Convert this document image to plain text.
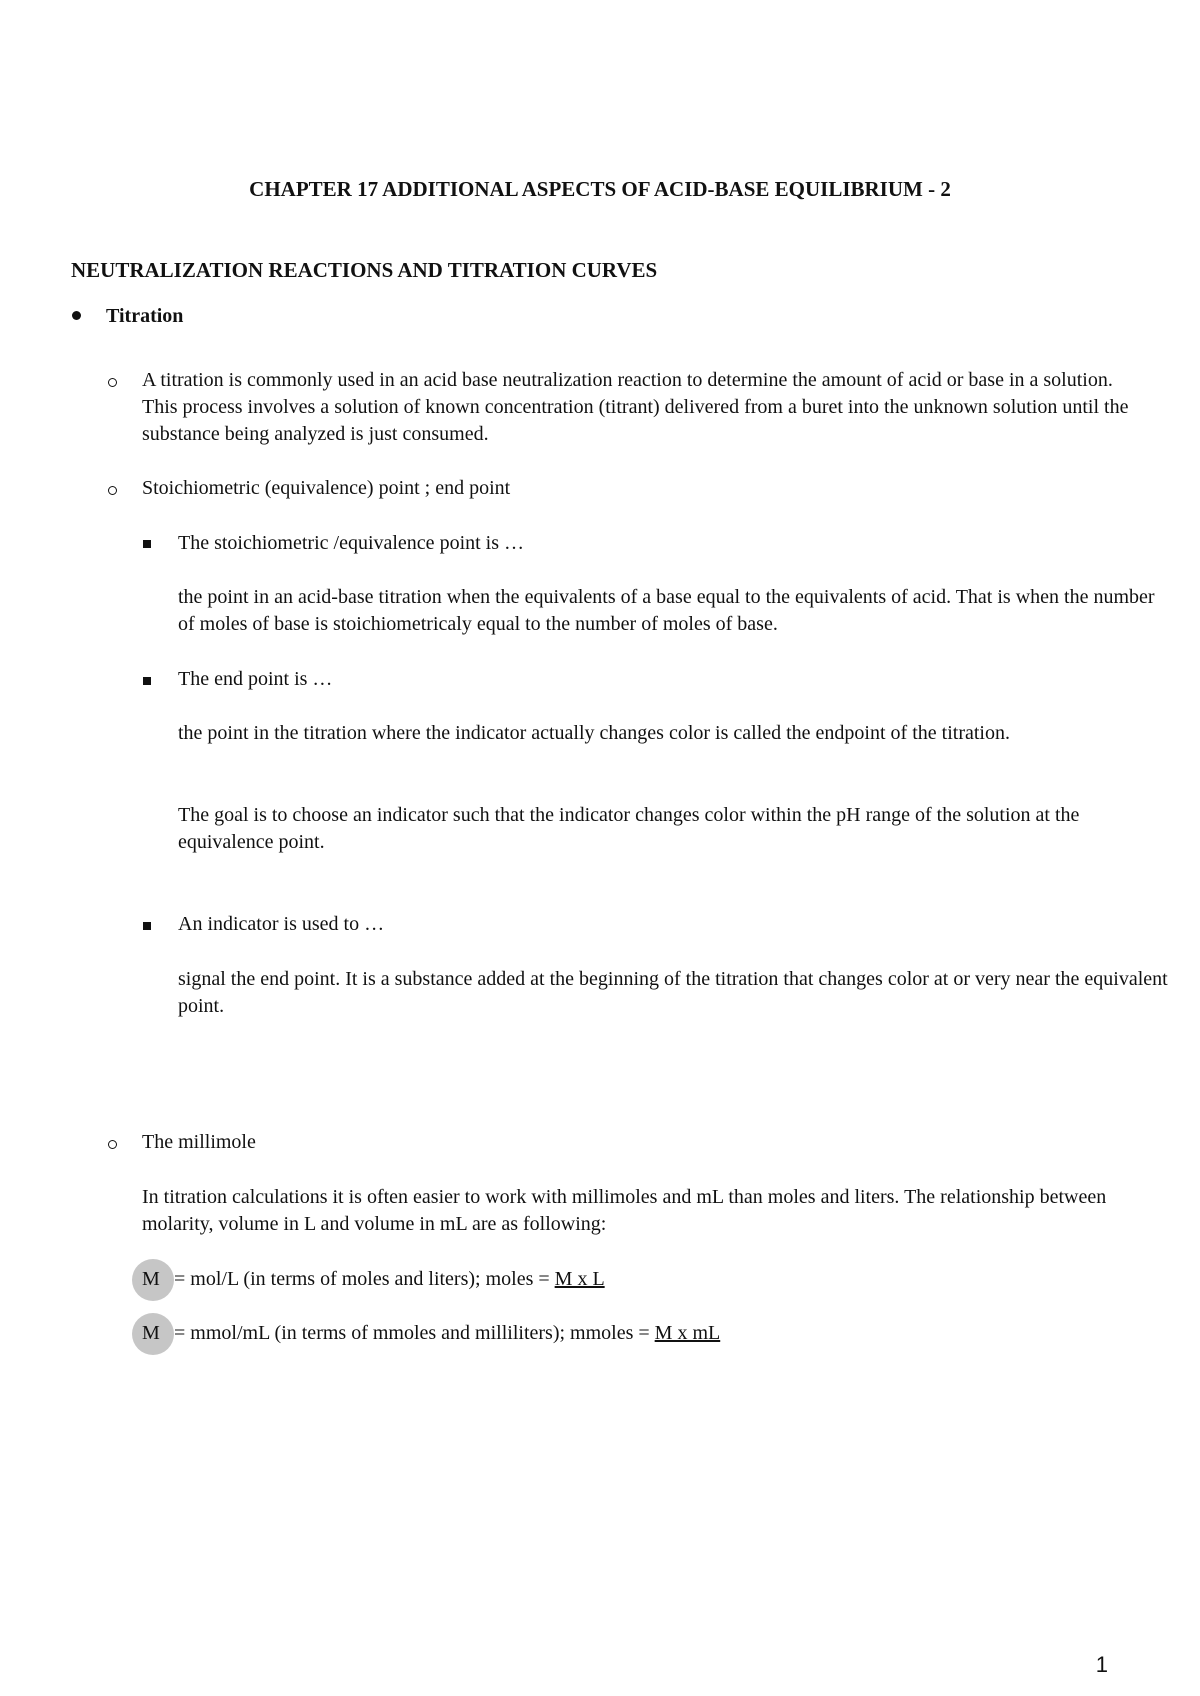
CHAPTER 17 ADDITIONAL ASPECTS OF ACID-BASE EQUILIBRIUM - 2
NEUTRALIZATION REACTIONS AND TITRATION CURVES
Titration
A titration is commonly used in an acid base neutralization reaction to determine the amount of acid or base in a solution. This process involves a solution of known concentration (titrant) delivered from a buret into the unknown solution until the substance being analyzed is just consumed.
Stoichiometric (equivalence) point ; end point
The stoichiometric /equivalence point is …
the point in an acid-base titration when the equivalents of a base equal to the equivalents of acid. That is when the number of moles of base is stoichiometricaly equal to the number of moles of base.
The end point is …
the point in the titration where the indicator actually changes color is called the endpoint of the titration.
The goal is to choose an indicator such that the indicator changes color within the pH range of the solution at the equivalence point.
An indicator is used to …
signal the end point. It is a substance added at the beginning of the titration that changes color at or very near the equivalent point.
The millimole
In titration calculations it is often easier to work with millimoles and mL than moles and liters. The relationship between molarity, volume in L and volume in mL are as following:
M = mol/L (in terms of moles and liters); moles = M x L
M = mmol/mL (in terms of mmoles and milliliters); mmoles = M x mL
1
